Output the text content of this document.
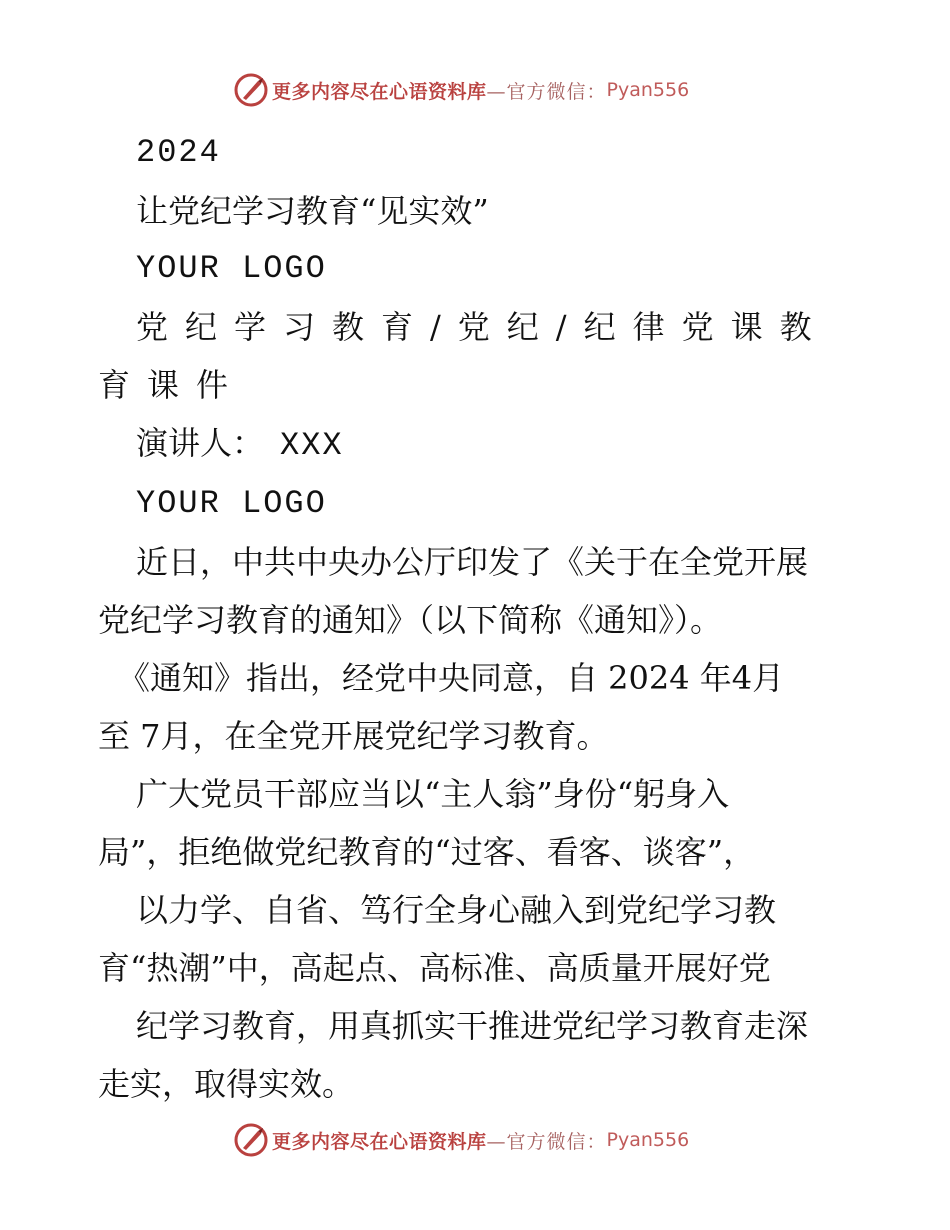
更多内容尽在心语资料库 —官方微信： Pyan556

2024

让党纪学习教育“见实效”

YOUR LOGO

党纪学习教育/党纪/纪律党课教

育课件

演讲人： XXX

YOUR LOGO

近日，中共中央办公厅印发了《关于在全党开展

党纪学习教育的通知》（以下简称《通知》）。

《通知》指出，经党中央同意，自 2024 年4月

至 7月，在全党开展党纪学习教育。

广大党员干部应当以“主人翁”身份“躬身入

局”，拒绝做党纪教育的“过客、看客、谈客”，

以力学、自省、笃行全身心融入到党纪学习教

育“热潮”中，高起点、高标准、高质量开展好党

纪学习教育，用真抓实干推进党纪学习教育走深

走实，取得实效。

更多内容尽在心语资料库 —官方微信： Pyan556
